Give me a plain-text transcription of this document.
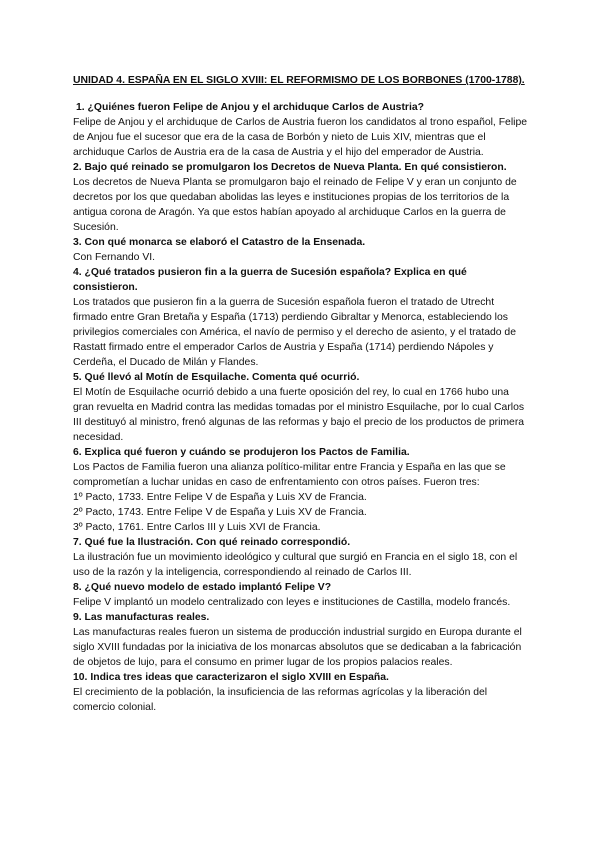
UNIDAD 4. ESPAÑA EN EL SIGLO XVIII: EL REFORMISMO DE LOS BORBONES (1700-1788).

1. ¿Quiénes fueron Felipe de Anjou y el archiduque Carlos de Austria?

Felipe de Anjou y el archiduque de Carlos de Austria fueron los candidatos al trono español, Felipe de Anjou fue el sucesor que era de la casa de Borbón y nieto de Luis XIV, mientras que el archiduque Carlos de Austria era de la casa de Austria y el hijo del emperador de Austria.

2. Bajo qué reinado se promulgaron los Decretos de Nueva Planta. En qué consistieron.

Los decretos de Nueva Planta se promulgaron bajo el reinado de Felipe V y eran un conjunto de decretos por los que quedaban abolidas las leyes e instituciones propias de los territorios de la antigua corona de Aragón. Ya que estos habían apoyado al archiduque Carlos en la guerra de Sucesión.

3. Con qué monarca se elaboró el Catastro de la Ensenada.

Con Fernando VI.

4. ¿Qué tratados pusieron fin a la guerra de Sucesión española? Explica en qué consistieron.

Los tratados que pusieron fin a la guerra de Sucesión española fueron el tratado de Utrecht firmado entre Gran Bretaña y España (1713) perdiendo Gibraltar y Menorca, estableciendo los privilegios comerciales con América, el navío de permiso y el derecho de asiento, y el tratado de Rastatt firmado entre el emperador Carlos de Austria y España (1714) perdiendo Nápoles y Cerdeña, el Ducado de Milán y Flandes.

5. Qué llevó al Motín de Esquilache. Comenta qué ocurrió.

El Motín de Esquilache ocurrió debido a una fuerte oposición del rey, lo cual en 1766 hubo una gran revuelta en Madrid contra las medidas tomadas por el ministro Esquilache, por lo cual Carlos III destituyó al ministro, frenó algunas de las reformas y bajo el precio de los productos de primera necesidad.

6. Explica qué fueron y cuándo se produjeron los Pactos de Familia.

Los Pactos de Familia fueron una alianza político-militar entre Francia y España en las que se comprometían a luchar unidas en caso de enfrentamiento con otros países. Fueron tres:

1º Pacto, 1733. Entre Felipe V de España y Luis XV de Francia.

2º Pacto, 1743. Entre Felipe V de España y Luis XV de Francia.

3º Pacto, 1761. Entre Carlos III y Luis XVI de Francia.

7. Qué fue la Ilustración. Con qué reinado correspondió.

La ilustración fue un movimiento ideológico y cultural que surgió en Francia en el siglo 18, con el uso de la razón y la inteligencia, correspondiendo al reinado de Carlos III.

8. ¿Qué nuevo modelo de estado implantó Felipe V?

Felipe V implantó un modelo centralizado con leyes e instituciones de Castilla, modelo francés.

9. Las manufacturas reales.

Las manufacturas reales fueron un sistema de producción industrial surgido en Europa durante el siglo XVIII fundadas por la iniciativa de los monarcas absolutos que se dedicaban a la fabricación de objetos de lujo, para el consumo en primer lugar de los propios palacios reales.

10. Indica tres ideas que caracterizaron el siglo XVIII en España.

El crecimiento de la población, la insuficiencia de las reformas agrícolas y la liberación del comercio colonial.
